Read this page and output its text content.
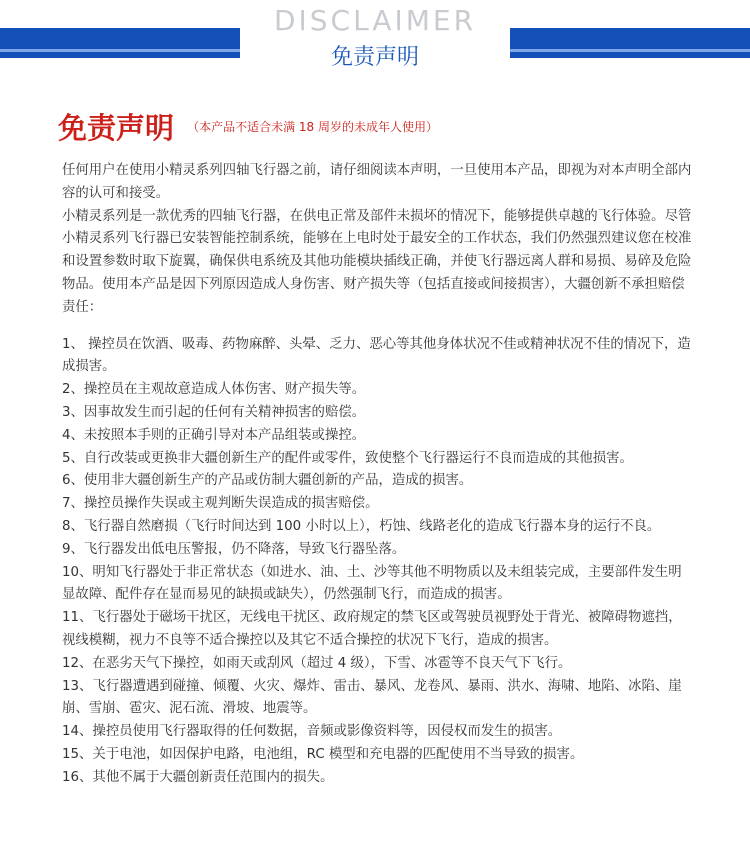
DISCLAIMER
免责声明
免责声明 （本产品不适合未满 18 周岁的未成年人使用）

任何用户在使用小精灵系列四轴飞行器之前，请仔细阅读本声明，一旦使用本产品，即视为对本声明全部内容的认可和接受。

小精灵系列是一款优秀的四轴飞行器，在供电正常及部件未损坏的情况下，能够提供卓越的飞行体验。尽管小精灵系列飞行器已安装智能控制系统，能够在上电时处于最安全的工作状态，我们仍然强烈建议您在校准和设置参数时取下旋翼，确保供电系统及其他功能模块插线正确，并使飞行器远离人群和易损、易碎及危险物品。使用本产品是因下列原因造成人身伤害、财产损失等（包括直接或间接损害），大疆创新不承担赔偿责任：

1、 操控员在饮酒、吸毒、药物麻醉、头晕、乏力、恶心等其他身体状况不佳或精神状况不佳的情况下，造成损害。

2、操控员在主观故意造成人体伤害、财产损失等。

3、因事故发生而引起的任何有关精神损害的赔偿。

4、未按照本手则的正确引导对本产品组装或操控。

5、自行改装或更换非大疆创新生产的配件或零件，致使整个飞行器运行不良而造成的其他损害。

6、使用非大疆创新生产的产品或仿制大疆创新的产品，造成的损害。

7、操控员操作失误或主观判断失误造成的损害赔偿。

8、飞行器自然磨损（飞行时间达到 100 小时以上），朽蚀、线路老化的造成飞行器本身的运行不良。

9、飞行器发出低电压警报，仍不降落，导致飞行器坠落。

10、明知飞行器处于非正常状态（如进水、油、土、沙等其他不明物质以及未组装完成，主要部件发生明显故障、配件存在显而易见的缺损或缺失），仍然强制飞行，而造成的损害。

11、飞行器处于磁场干扰区，无线电干扰区、政府规定的禁飞区或驾驶员视野处于背光、被障碍物遮挡，视线模糊，视力不良等不适合操控以及其它不适合操控的状况下飞行，造成的损害。

12、在恶劣天气下操控，如雨天或刮风（超过 4 级），下雪、冰雹等不良天气下飞行。

13、飞行器遭遇到碰撞、倾覆、火灾、爆炸、雷击、暴风、龙卷风、暴雨、洪水、海啸、地陷、冰陷、崖崩、雪崩、雹灾、泥石流、滑坡、地震等。

14、操控员使用飞行器取得的任何数据，音频或影像资料等，因侵权而发生的损害。

15、关于电池，如因保护电路，电池组，RC 模型和充电器的匹配使用不当导致的损害。

16、其他不属于大疆创新责任范围内的损失。
